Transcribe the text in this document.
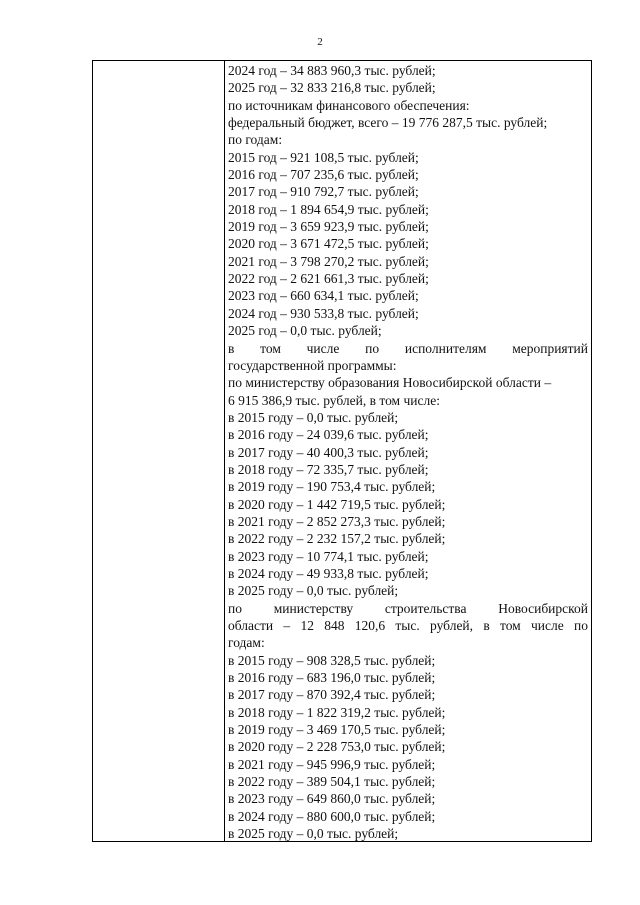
2
2024 год – 34 883 960,3 тыс. рублей;
2025 год – 32 833 216,8 тыс. рублей;
по источникам финансового обеспечения:
федеральный бюджет, всего – 19 776 287,5 тыс. рублей;
по годам:
2015 год – 921 108,5 тыс. рублей;
2016 год – 707 235,6 тыс. рублей;
2017 год – 910 792,7 тыс. рублей;
2018 год – 1 894 654,9 тыс. рублей;
2019 год – 3 659 923,9 тыс. рублей;
2020 год – 3 671 472,5 тыс. рублей;
2021 год – 3 798 270,2 тыс. рублей;
2022 год – 2 621 661,3 тыс. рублей;
2023 год – 660 634,1 тыс. рублей;
2024 год – 930 533,8 тыс. рублей;
2025 год – 0,0 тыс. рублей;
в том числе по исполнителям мероприятий
государственной программы:
по министерству образования Новосибирской области –
6 915 386,9 тыс. рублей, в том числе:
в 2015 году – 0,0 тыс. рублей;
в 2016 году – 24 039,6 тыс. рублей;
в 2017 году – 40 400,3 тыс. рублей;
в 2018 году – 72 335,7 тыс. рублей;
в 2019 году – 190 753,4 тыс. рублей;
в 2020 году – 1 442 719,5 тыс. рублей;
в 2021 году – 2 852 273,3 тыс. рублей;
в 2022 году – 2 232 157,2 тыс. рублей;
в 2023 году – 10 774,1 тыс. рублей;
в 2024 году – 49 933,8 тыс. рублей;
в 2025 году – 0,0 тыс. рублей;
по министерству строительства Новосибирской
области – 12 848 120,6 тыс. рублей, в том числе по
годам:
в 2015 году – 908 328,5 тыс. рублей;
в 2016 году – 683 196,0 тыс. рублей;
в 2017 году – 870 392,4 тыс. рублей;
в 2018 году – 1 822 319,2 тыс. рублей;
в 2019 году – 3 469 170,5 тыс. рублей;
в 2020 году – 2 228 753,0 тыс. рублей;
в 2021 году – 945 996,9 тыс. рублей;
в 2022 году – 389 504,1 тыс. рублей;
в 2023 году – 649 860,0 тыс. рублей;
в 2024 году – 880 600,0 тыс. рублей;
в 2025 году – 0,0 тыс. рублей;
